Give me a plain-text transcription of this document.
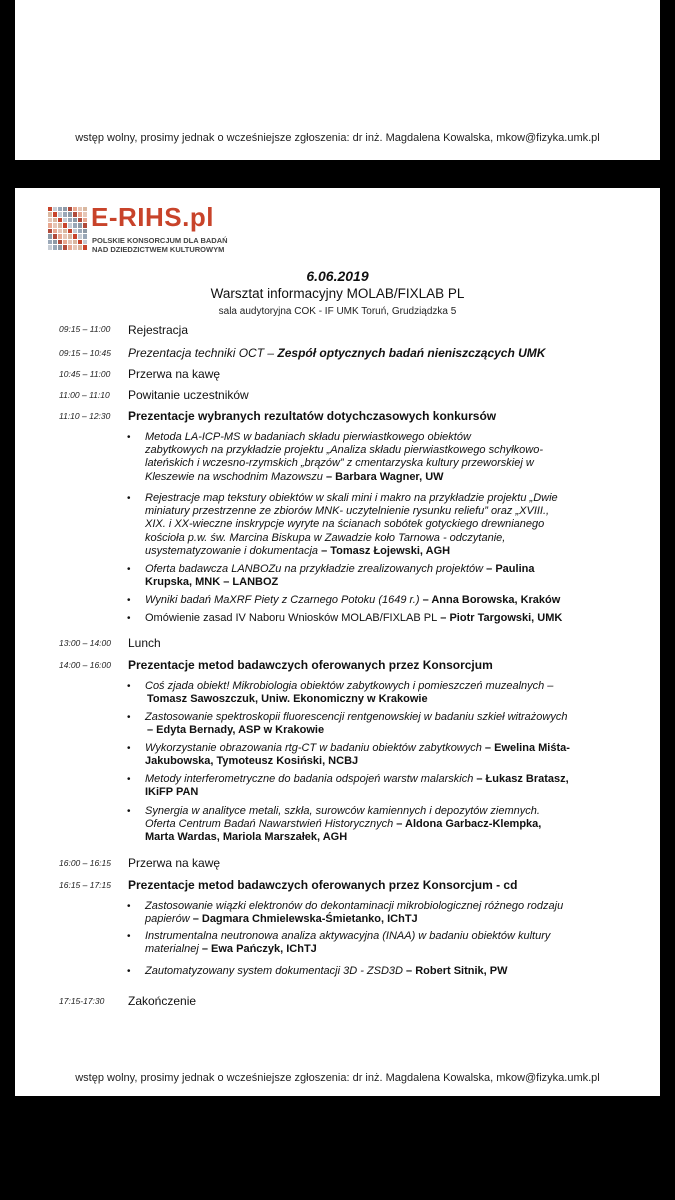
wstęp wolny, prosimy jednak o wcześniejsze zgłoszenia: dr inż. Magdalena Kowalska, mkow@fizyka.umk.pl
E-RIHS.pl
POLSKIE KONSORCJUM DLA BADAŃ
NAD DZIEDZICTWEM KULTUROWYM
6.06.2019
Warsztat informacyjny MOLAB/FIXLAB PL
sala audytoryjna COK - IF UMK Toruń, Grudziądzka 5
09:15 – 11:00 Rejestracja
09:15 – 10:45 Prezentacja techniki OCT – Zespół optycznych badań nieniszczących UMK
10:45 – 11:00 Przerwa na kawę
11:00 – 11:10 Powitanie uczestników
11:10 – 12:30 Prezentacje wybranych rezultatów dotychczasowych konkursów
• Metoda LA-ICP-MS w badaniach składu pierwiastkowego obiektów
zabytkowych na przykładzie projektu „Analiza składu pierwiastkowego schyłkowo-
lateńskich i wczesno-rzymskich „brązów” z cmentarzyska kultury przeworskiej w
Kleszewie na wschodnim Mazowszu – Barbara Wagner, UW
• Rejestracje map tekstury obiektów w skali mini i makro na przykładzie projektu „Dwie
miniatury przestrzenne ze zbiorów MNK- uczytelnienie rysunku reliefu” oraz „XVIII.,
XIX. i XX-wieczne inskrypcje wyryte na ścianach sobótek gotyckiego drewnianego
kościoła p.w. św. Marcina Biskupa w Zawadzie koło Tarnowa - odczytanie,
usystematyzowanie i dokumentacja – Tomasz Łojewski, AGH
• Oferta badawcza LANBOZu na przykładzie zrealizowanych projektów – Paulina
Krupska, MNK – LANBOZ
• Wyniki badań MaXRF Piety z Czarnego Potoku (1649 r.) – Anna Borowska, Kraków
• Omówienie zasad IV Naboru Wniosków MOLAB/FIXLAB PL – Piotr Targowski, UMK
13:00 – 14:00 Lunch
14:00 – 16:00 Prezentacje metod badawczych oferowanych przez Konsorcjum
• Coś zjada obiekt! Mikrobiologia obiektów zabytkowych i pomieszczeń muzealnych –
Tomasz Sawoszczuk, Uniw. Ekonomiczny w Krakowie
• Zastosowanie spektroskopii fluorescencji rentgenowskiej w badaniu szkieł witrażowych
– Edyta Bernady, ASP w Krakowie
• Wykorzystanie obrazowania rtg-CT w badaniu obiektów zabytkowych – Ewelina Miśta-
Jakubowska, Tymoteusz Kosiński, NCBJ
• Metody interferometryczne do badania odspojeń warstw malarskich – Łukasz Bratasz,
IKiFP PAN
• Synergia w analityce metali, szkła, surowców kamiennych i depozytów ziemnych.
Oferta Centrum Badań Nawarstwień Historycznych – Aldona Garbacz-Klempka,
Marta Wardas, Mariola Marszałek, AGH
16:00 – 16:15 Przerwa na kawę
16:15 – 17:15 Prezentacje metod badawczych oferowanych przez Konsorcjum - cd
• Zastosowanie wiązki elektronów do dekontaminacji mikrobiologicznej różnego rodzaju
papierów – Dagmara Chmielewska-Śmietanko, IChTJ
• Instrumentalna neutronowa analiza aktywacyjna (INAA) w badaniu obiektów kultury
materialnej – Ewa Pańczyk, IChTJ
• Zautomatyzowany system dokumentacji 3D - ZSD3D – Robert Sitnik, PW
17:15-17:30 Zakończenie
wstęp wolny, prosimy jednak o wcześniejsze zgłoszenia: dr inż. Magdalena Kowalska, mkow@fizyka.umk.pl
